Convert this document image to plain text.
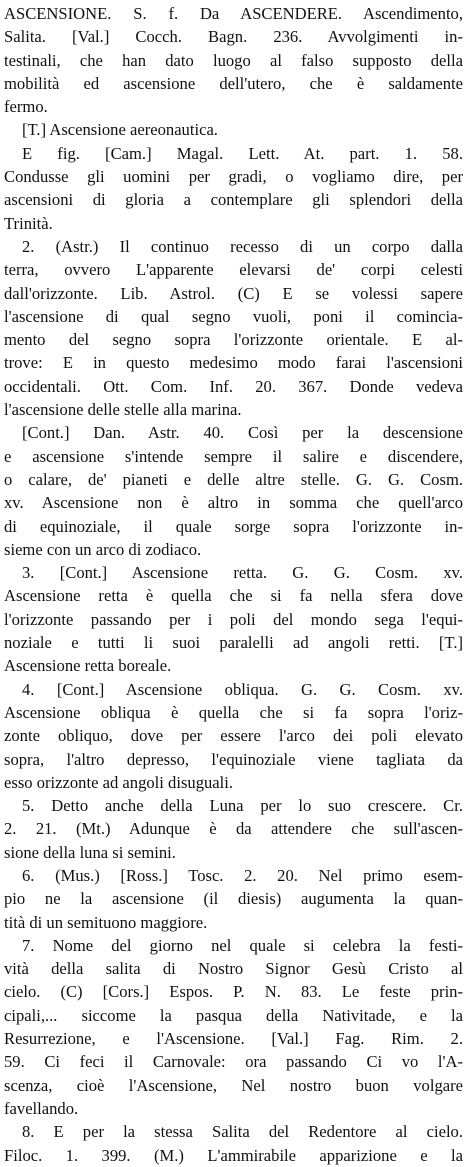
ASCENSIONE. S. f. Da ASCENDERE. Ascendimento,
Salita. [Val.] Cocch. Bagn. 236. Avvolgimenti in-
testinali, che han dato luogo al falso supposto della
mobilità ed ascensione dell'utero, che è saldamente
fermo.
[T.] Ascensione aereonautica.
E fig. [Cam.] Magal. Lett. At. part. 1. 58.
Condusse gli uomini per gradi, o vogliamo dire, per
ascensioni di gloria a contemplare gli splendori della
Trinità.
2. (Astr.) Il continuo recesso di un corpo dalla
terra, ovvero L'apparente elevarsi de' corpi celesti
dall'orizzonte. Lib. Astrol. (C) E se volessi sapere
l'ascensione di qual segno vuoli, poni il comincia-
mento del segno sopra l'orizzonte orientale. E al-
trove: E in questo medesimo modo farai l'ascensioni
occidentali. Ott. Com. Inf. 20. 367. Donde vedeva
l'ascensione delle stelle alla marina.
[Cont.] Dan. Astr. 40. Così per la descensione
e ascensione s'intende sempre il salire e discendere,
o calare, de' pianeti e delle altre stelle. G. G. Cosm.
xv. Ascensione non è altro in somma che quell'arco
di equinoziale, il quale sorge sopra l'orizzonte in-
sieme con un arco di zodiaco.
3. [Cont.] Ascensione retta. G. G. Cosm. xv.
Ascensione retta è quella che si fa nella sfera dove
l'orizzonte passando per i poli del mondo sega l'equi-
noziale e tutti li suoi paralelli ad angoli retti. [T.]
Ascensione retta boreale.
4. [Cont.] Ascensione obliqua. G. G. Cosm. xv.
Ascensione obliqua è quella che si fa sopra l'oriz-
zonte obliquo, dove per essere l'arco dei poli elevato
sopra, l'altro depresso, l'equinoziale viene tagliata da
esso orizzonte ad angoli disuguali.
5. Detto anche della Luna per lo suo crescere. Cr.
2. 21. (Mt.) Adunque è da attendere che sull'ascen-
sione della luna si semini.
6. (Mus.) [Ross.] Tosc. 2. 20. Nel primo esem-
pio ne la ascensione (il diesis) augumenta la quan-
tità di un semituono maggiore.
7. Nome del giorno nel quale si celebra la festi-
vità della salita di Nostro Signor Gesù Cristo al
cielo. (C) [Cors.] Espos. P. N. 83. Le feste prin-
cipali,... siccome la pasqua della Nativitade, e la
Resurrezione, e l'Ascensione. [Val.] Fag. Rim. 2.
59. Ci feci il Carnovale: ora passando Ci vo l'A-
scenza, cioè l'Ascensione, Nel nostro buon volgare
favellando.
8. E per la stessa Salita del Redentore al cielo.
Filoc. 1. 399. (M.) L'ammirabile apparizione e la
